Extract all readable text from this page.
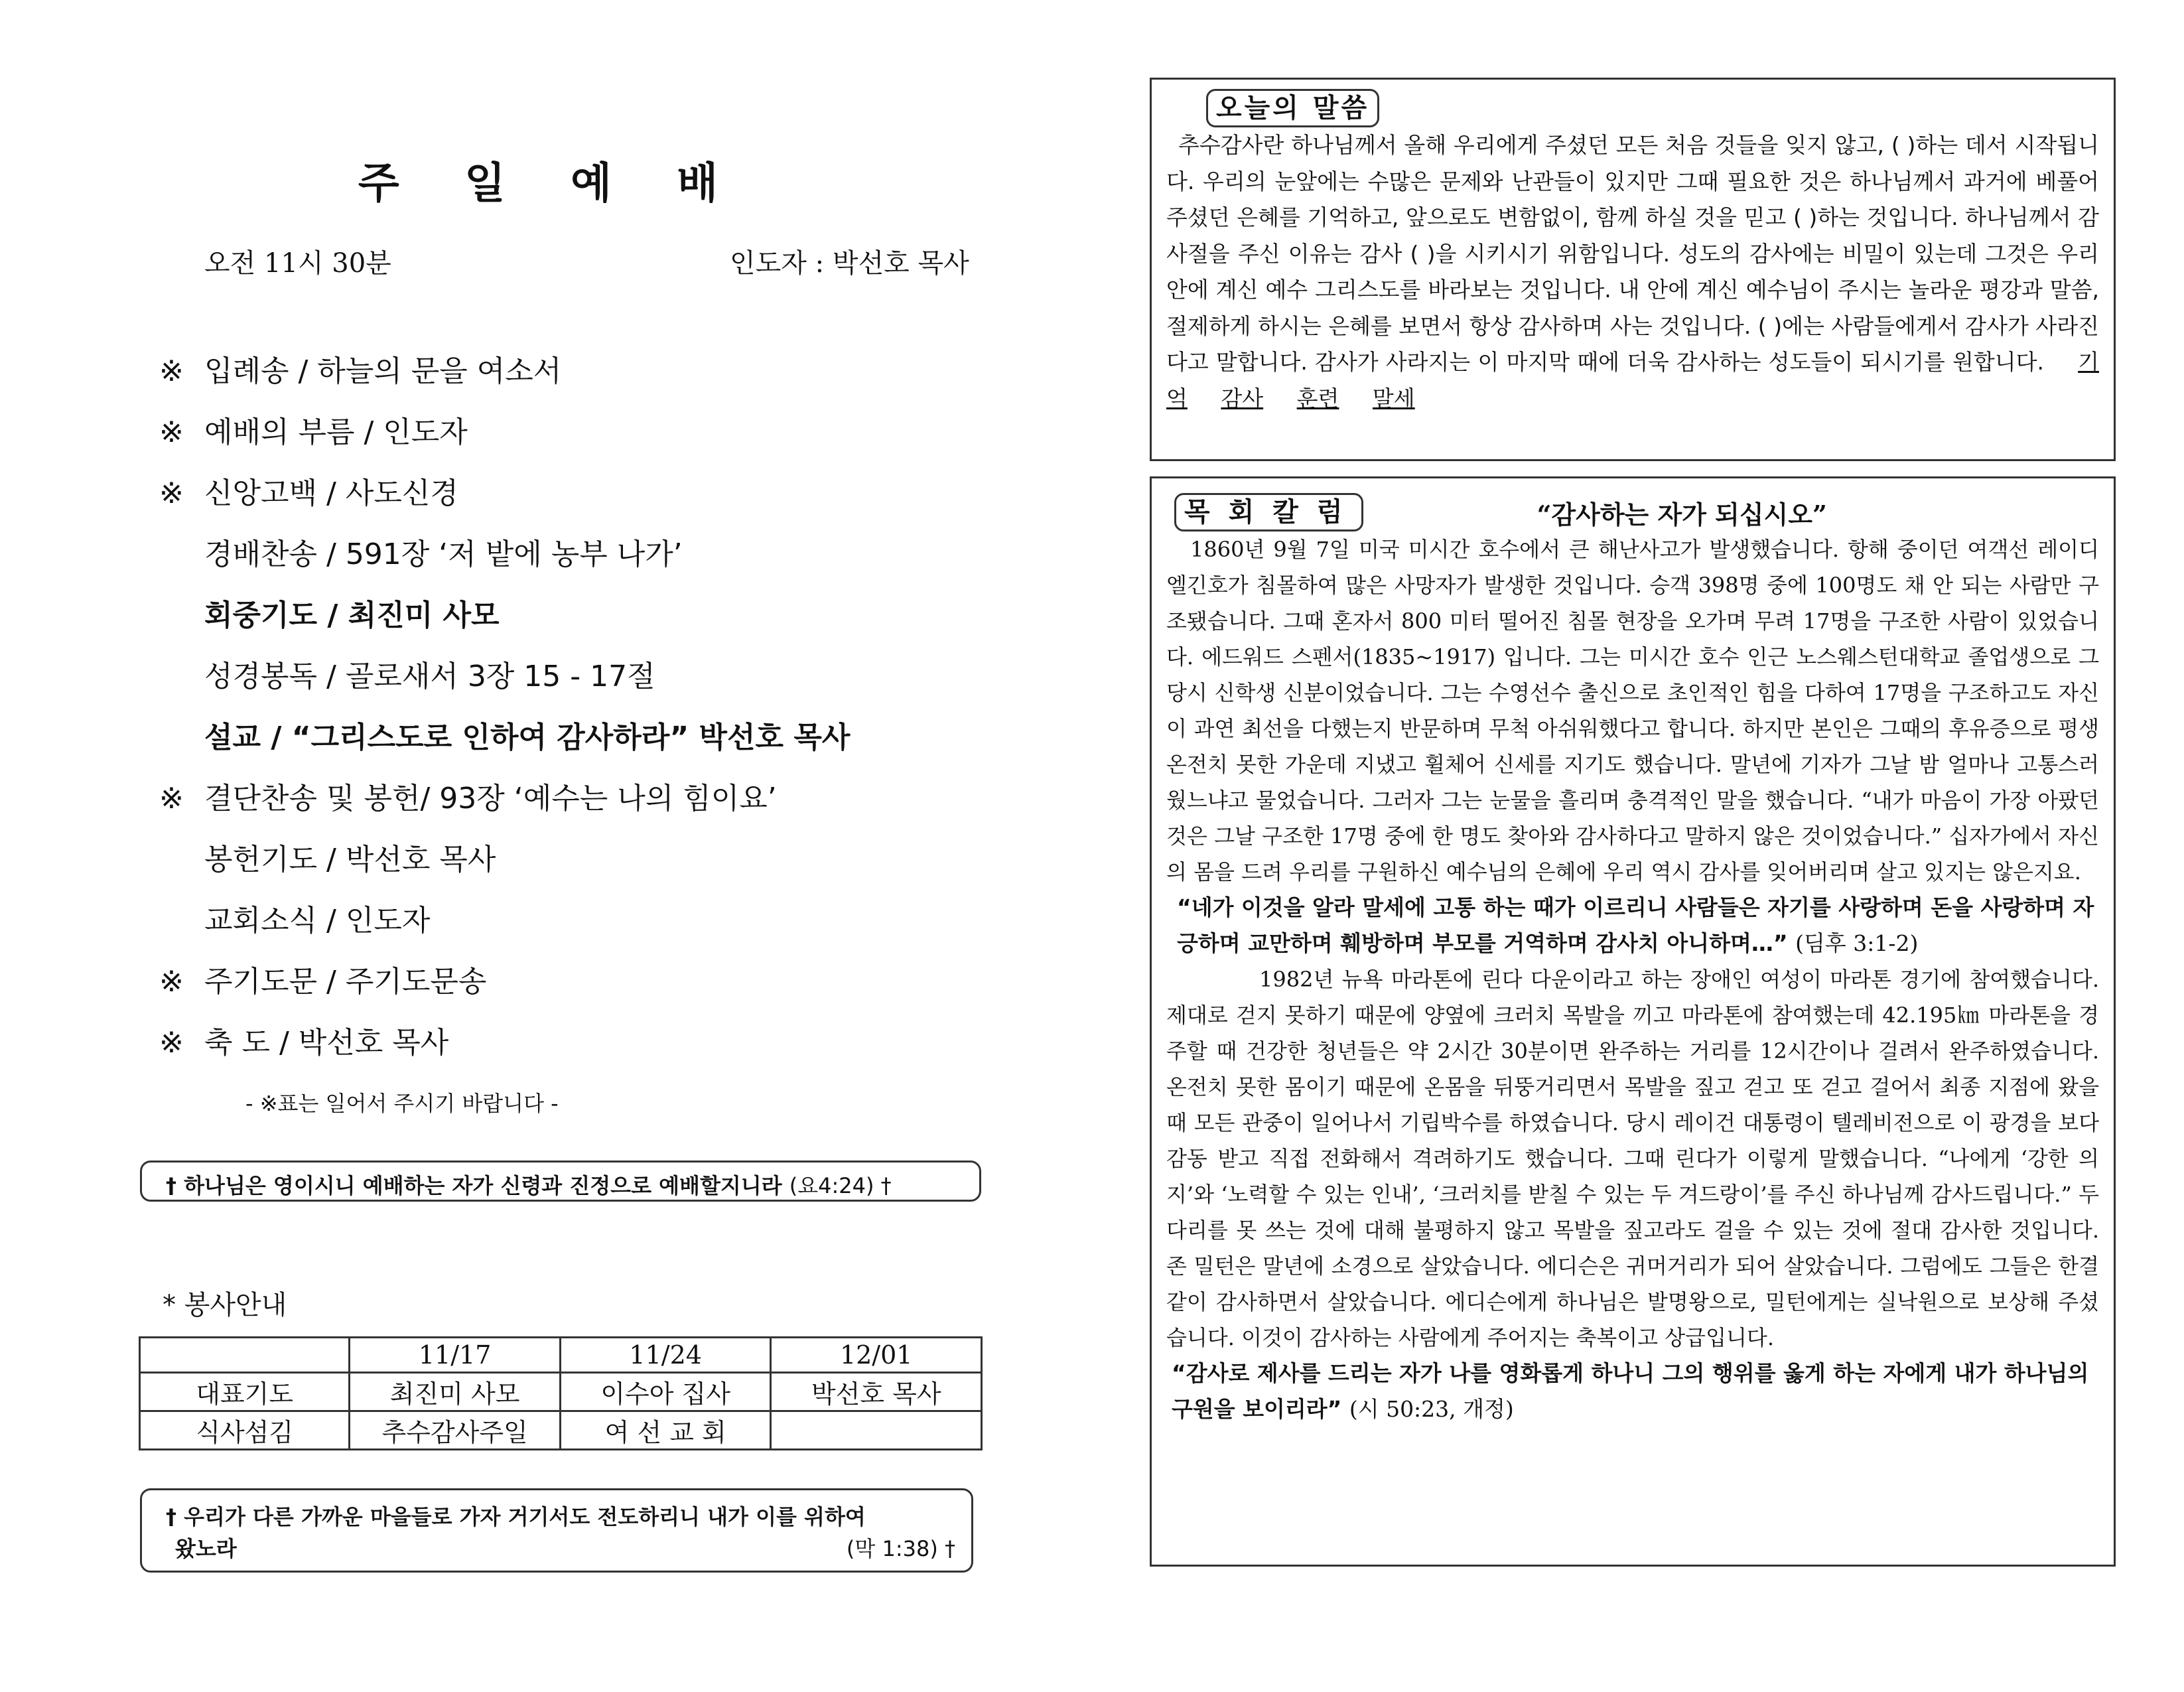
주 일 예 배
오전 11시 30분	인도자 : 박선호 목사
※ 입례송 / 하늘의 문을 여소서
※ 예배의 부름 / 인도자
※ 신앙고백 / 사도신경
경배찬송 / 591장 ‘저 밭에 농부 나가’
회중기도 / 최진미 사모
성경봉독 / 골로새서 3장 15 - 17절
설교 / “그리스도로 인하여 감사하라” 박선호 목사
※ 결단찬송 및 봉헌/ 93장 ‘예수는 나의 힘이요’
봉헌기도 / 박선호 목사
교회소식 / 인도자
※ 주기도문 / 주기도문송
※ 축 도 / 박선호 목사
- ※표는 일어서 주시기 바랍니다 -
† 하나님은 영이시니 예배하는 자가 신령과 진정으로 예배할지니라 (요4:24) †
* 봉사안내
	11/17	11/24	12/01
대표기도	최진미 사모	이수아 집사	박선호 목사
식사섬김	추수감사주일	여 선 교 회	
† 우리가 다른 가까운 마을들로 가자 거기서도 전도하리니 내가 이를 위하여
왔노라	(막 1:38) †
오늘의 말씀
추수감사란 하나님께서 올해 우리에게 주셨던 모든 처음 것들을 잊지 않고, ( )하는 데서 시작됩니다. 우리의 눈앞에는 수많은 문제와 난관들이 있지만 그때 필요한 것은 하나님께서 과거에 베풀어 주셨던 은혜를 기억하고, 앞으로도 변함없이, 함께 하실 것을 믿고 ( )하는 것입니다. 하나님께서 감사절을 주신 이유는 감사 ( )을 시키시기 위함입니다. 성도의 감사에는 비밀이 있는데 그것은 우리 안에 계신 예수 그리스도를 바라보는 것입니다. 내 안에 계신 예수님이 주시는 놀라운 평강과 말씀, 절제하게 하시는 은혜를 보면서 항상 감사하며 사는 것입니다. ( )에는 사람들에게서 감사가 사라진다고 말합니다. 감사가 사라지는 이 마지막 때에 더욱 감사하는 성도들이 되시기를 원합니다. 기억 감사 훈련 말세
목회칼럼	“감사하는 자가 되십시오”
1860년 9월 7일 미국 미시간 호수에서 큰 해난사고가 발생했습니다. 항해 중이던 여객선 레이디 엘긴호가 침몰하여 많은 사망자가 발생한 것입니다. 승객 398명 중에 100명도 채 안 되는 사람만 구조됐습니다. 그때 혼자서 800 미터 떨어진 침몰 현장을 오가며 무려 17명을 구조한 사람이 있었습니다. 에드워드 스펜서(1835~1917) 입니다. 그는 미시간 호수 인근 노스웨스턴대학교 졸업생으로 그 당시 신학생 신분이었습니다. 그는 수영선수 출신으로 초인적인 힘을 다하여 17명을 구조하고도 자신이 과연 최선을 다했는지 반문하며 무척 아쉬워했다고 합니다. 하지만 본인은 그때의 후유증으로 평생 온전치 못한 가운데 지냈고 휠체어 신세를 지기도 했습니다. 말년에 기자가 그날 밤 얼마나 고통스러웠느냐고 물었습니다. 그러자 그는 눈물을 흘리며 충격적인 말을 했습니다. “내가 마음이 가장 아팠던 것은 그날 구조한 17명 중에 한 명도 찾아와 감사하다고 말하지 않은 것이었습니다.” 십자가에서 자신의 몸을 드려 우리를 구원하신 예수님의 은혜에 우리 역시 감사를 잊어버리며 살고 있지는 않은지요.
“네가 이것을 알라 말세에 고통 하는 때가 이르리니 사람들은 자기를 사랑하며 돈을 사랑하며 자긍하며 교만하며 훼방하며 부모를 거역하며 감사치 아니하며…” (딤후 3:1-2)
1982년 뉴욕 마라톤에 린다 다운이라고 하는 장애인 여성이 마라톤 경기에 참여했습니다. 제대로 걷지 못하기 때문에 양옆에 크러치 목발을 끼고 마라톤에 참여했는데 42.195㎞ 마라톤을 경주할 때 건강한 청년들은 약 2시간 30분이면 완주하는 거리를 12시간이나 걸려서 완주하였습니다. 온전치 못한 몸이기 때문에 온몸을 뒤뚱거리면서 목발을 짚고 걷고 또 걷고 걸어서 최종 지점에 왔을 때 모든 관중이 일어나서 기립박수를 하였습니다. 당시 레이건 대통령이 텔레비전으로 이 광경을 보다 감동 받고 직접 전화해서 격려하기도 했습니다. 그때 린다가 이렇게 말했습니다. “나에게 ‘강한 의지’와 ‘노력할 수 있는 인내’, ‘크러치를 받칠 수 있는 두 겨드랑이’를 주신 하나님께 감사드립니다.” 두 다리를 못 쓰는 것에 대해 불평하지 않고 목발을 짚고라도 걸을 수 있는 것에 절대 감사한 것입니다. 존 밀턴은 말년에 소경으로 살았습니다. 에디슨은 귀머거리가 되어 살았습니다. 그럼에도 그들은 한결같이 감사하면서 살았습니다. 에디슨에게 하나님은 발명왕으로, 밀턴에게는 실낙원으로 보상해 주셨습니다. 이것이 감사하는 사람에게 주어지는 축복이고 상급입니다.
“감사로 제사를 드리는 자가 나를 영화롭게 하나니 그의 행위를 옳게 하는 자에게 내가 하나님의 구원을 보이리라” (시 50:23, 개정)
